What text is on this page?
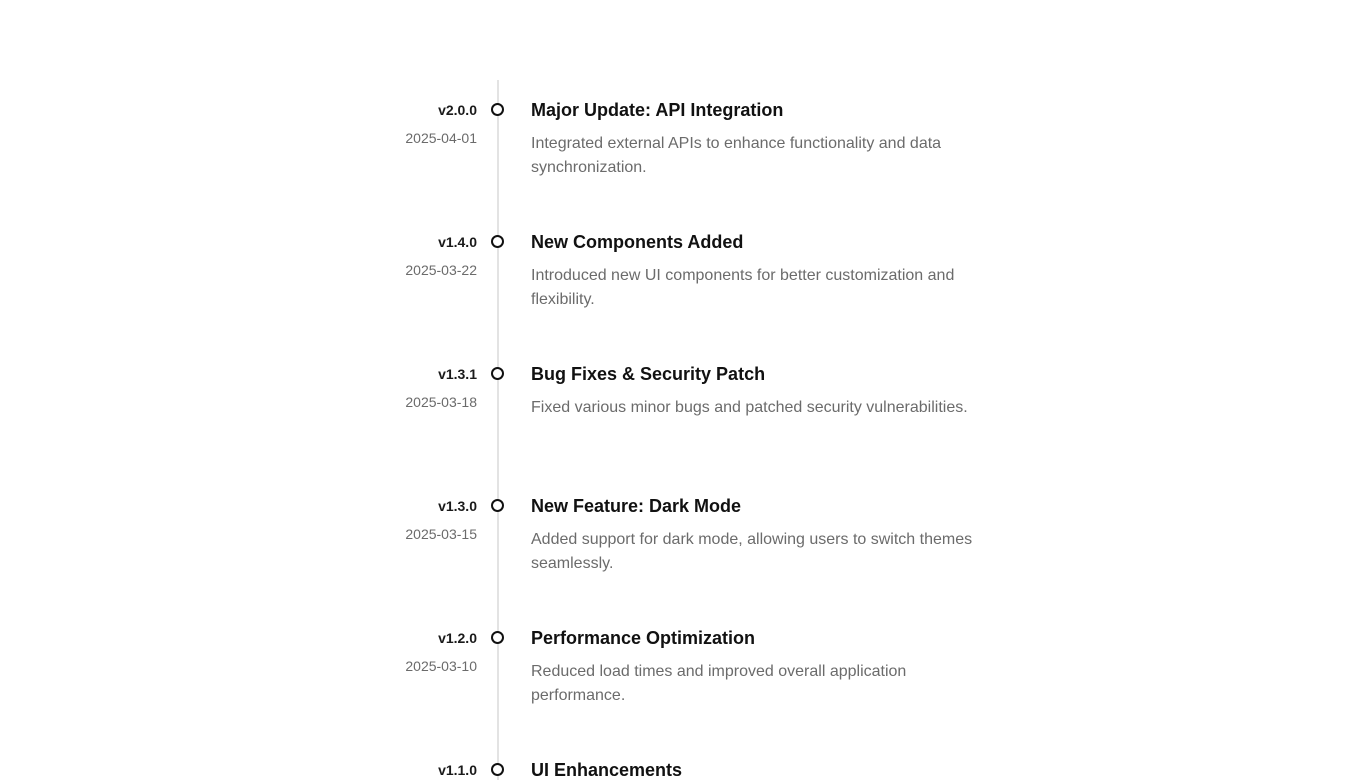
v2.0.0
2025-04-01
Major Update: API Integration
Integrated external APIs to enhance functionality and data synchronization.
v1.4.0
2025-03-22
New Components Added
Introduced new UI components for better customization and flexibility.
v1.3.1
2025-03-18
Bug Fixes & Security Patch
Fixed various minor bugs and patched security vulnerabilities.
v1.3.0
2025-03-15
New Feature: Dark Mode
Added support for dark mode, allowing users to switch themes seamlessly.
v1.2.0
2025-03-10
Performance Optimization
Reduced load times and improved overall application performance.
v1.1.0	UI Enhancements
